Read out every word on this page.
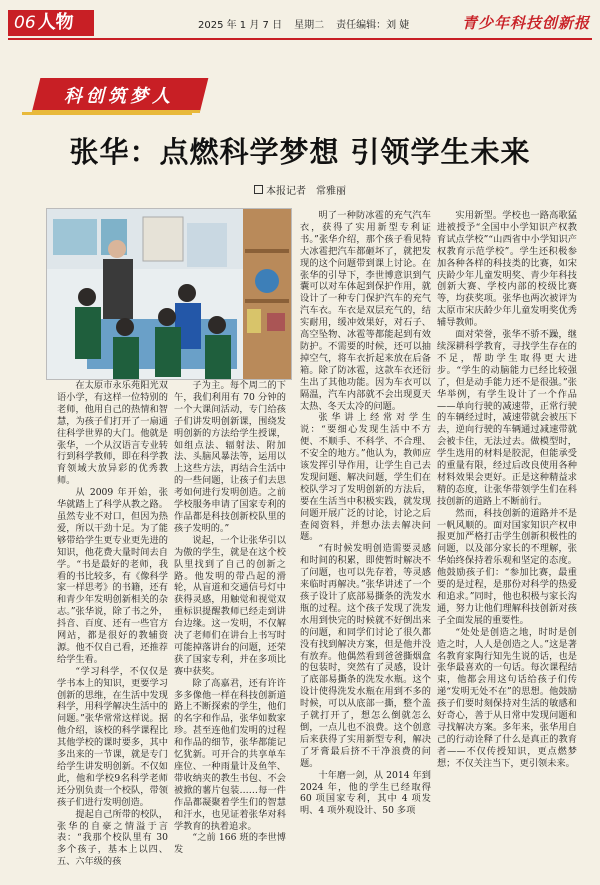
06 人物	2025 年 1 月 7 日 星期二 责任编辑：刘 婕	青少年科技创新报
科创筑梦人
张华：点燃科学梦想 引领学生未来
本报记者　常雅丽

在太原市永乐苑阳光双语小学，有这样一位特别的老师，他用自己的热情和智慧，为孩子们打开了一扇通往科学世界的大门。他就是张华，一个从汉语言专业转行到科学教师，即在科学教育领域大放异彩的优秀教师。

从 2009 年开始，张华就踏上了科学从教之路。虽然专业不对口，但因为热爱，所以干劲十足。为了能够带给学生更专业更先进的知识，他花费大量时间去自学。“书是最好的老师，我看的书比较多，有《像科学家一样思考》的书籍，还有和青少年发明创新相关的杂志。”张华说，除了书之外，抖音、百度、还有一些官方网站，都是很好的教辅资源。他不仅自己看，还推荐给学生看。

“学习科学，不仅仅是学书本上的知识，更要学习创新的思维，在生活中发现科学，用科学解决生活中的问题。”张华常常这样说。据他介绍，该校的科学课程比其他学校的课时要多，其中多出来的一节课，就是专门给学生讲发明创新。不仅如此，他和学校9名科学老师还分别负责一个校队，带领孩子们进行发明创造。

提起自己所带的校队，张华的自豪之情溢于言表：“我那个校队里有 30 多个孩子，基本上以四、五、六年级的孩

子为主。每个周二的下午，我们利用有 70 分钟的一个大课间活动，专门给孩子们讲发明创新课，围绕发明创新的方法给学生授课，如组点法、辐射法、附加法、头脑风暴法等，运用以上这些方法，再结合生活中的一些问题，让孩子们去思考如何进行发明创造。之前学校服务申请了国家专利的作品都是科技创新校队里的孩子发明的。”

说起，一个让张华引以为傲的学生，就是在这个校队里找到了自己的创新之路。他发明的带凸起的滑轮，从盲道和交通信号灯中获得灵感，用触觉和视觉双重标识提醒教师已经走到讲台边缘。这一发明，不仅解决了老师们在讲台上书写时可能掉落讲台的问题，还荣获了国家专利，并在多项比赛中获奖。

除了高嘉君，还有许许多多像他一样在科技创新道路上不断探索的学生，他们的名字和作品，张华如数家珍。甚至连他们发明的过程和作品的细节，张华都能记忆犹新。可开合的共享单车座位、一种雨量计及鱼竿、带收纳夹的教生书包、不会被掀的薯片包装……每一件作品都凝聚着学生们的智慧和汗水，也见证着张华对科学教育的执着追求。

“之前 166 班的李世博发

明了一种防冰雹的充气汽车衣，获得了实用新型专利证书。”张华介绍，那个孩子看见特大冰雹把汽车都砸坏了，就把发现的这个问题带到课上讨论。在张华的引导下，李世博意识到气囊可以对车体起到保护作用，就设计了一种专门保护汽车的充气汽车衣。车衣是双层充气的，结实耐用，缓冲效果好，对石子、高空坠物、冰雹等都能起到有效防护。不需要的时候，还可以抽掉空气，将车衣折起来放在后备箱。除了防冰雹，这款车衣还衍生出了其他功能。因为车衣可以隔温，汽车内部就不会出现夏天太热、冬天太冷的问题。

张华讲上经常对学生说：“要细心发现生活中不方便、不顺手、不科学、不合理、不安全的地方。”他认为，教师应该发挥引导作用，让学生自己去发现问题、解决问题，学生们在校队学习了发明创新的方法后，要在生活当中积极实践，就发现问题开展广泛的讨论，讨论之后查阅资料，并想办法去解决问题。

“有时候发明创造需要灵感和时间的积累，即使暂时解决不了问题，也可以先存着，等灵感来临时再解决。”张华讲述了一个孩子设计了底部易撕条的洗发水瓶的过程。这个孩子发现了洗发水用到快完的时候就不好倒出来的问题，和同学们讨论了很久都没有找到解决方案，但是他并没有放弃。他偶然看到爸爸撕烟盒的包装时，突然有了灵感，设计了底部易撕条的洗发水瓶。这个设计使得洗发水瓶在用到不多的时候，可以从底部一撕，整个盖子就打开了，想怎么倒就怎么倒，一点儿也不浪费。这个创意后来获得了实用新型专利，解决了牙膏最后挤不干净浪费的问题。

十年磨一剑，从 2014 年到 2024 年，他的学生已经取得 60 项国家专利，其中 4 项发明、4 项外观设计、50 多项

实用新型。学校也一路高歌猛进被授予“全国中小学知识产权教育试点学校”“山西省中小学知识产权教育示范学校”。学生还积极参加各种各样的科技类的比赛，如宋庆龄少年儿童发明奖、青少年科技创新大赛、学校内部的校级比赛等，均获奖项。张华也两次被评为太原市宋庆龄少年儿童发明奖优秀辅导教师。

面对荣誉，张华不骄不躁，继续深耕科学教育，寻找学生存在的不足，帮助学生取得更大进步。“学生的动脑能力已经比较强了，但是动手能力还不是很强。”张华举例，有学生设计了一个作品——单向行驶的减速带，正常行驶的车辆经过时，减速带就会被压下去，逆向行驶的车辆通过减速带就会被卡住，无法过去。做模型时，学生选用的材料是胶泥，但能承受的重量有限，经过后改良使用各种材料效果会更好。正是这种精益求精的态度，让张华带领学生们在科技创新的道路上不断前行。

然而，科技创新的道路并不是一帆风顺的。面对国家知识产权申报更加严格打击学生创新积极性的问题，以及部分家长的不理解，张华始终保持着乐观和坚定的态度。他鼓励孩子们：“参加比赛，最重要的是过程，是那份对科学的热爱和追求。”同时，他也积极与家长沟通，努力让他们理解科技创新对孩子全面发展的重要性。

“处处是创造之地，时时是创造之时，人人是创造之人。”这是著名教育家陶行知先生说的话，也是张华最喜欢的一句话。每次课程结束，他都会用这句话给孩子们传递“发明无处不在”的思想。他鼓励孩子们要时刻保持对生活的敏感和好奇心，善于从日常中发现问题和寻找解决方案。多年来，张华用自己的行动诠释了什么是真正的教育者——不仅传授知识，更点燃梦想；不仅关注当下，更引领未来。
